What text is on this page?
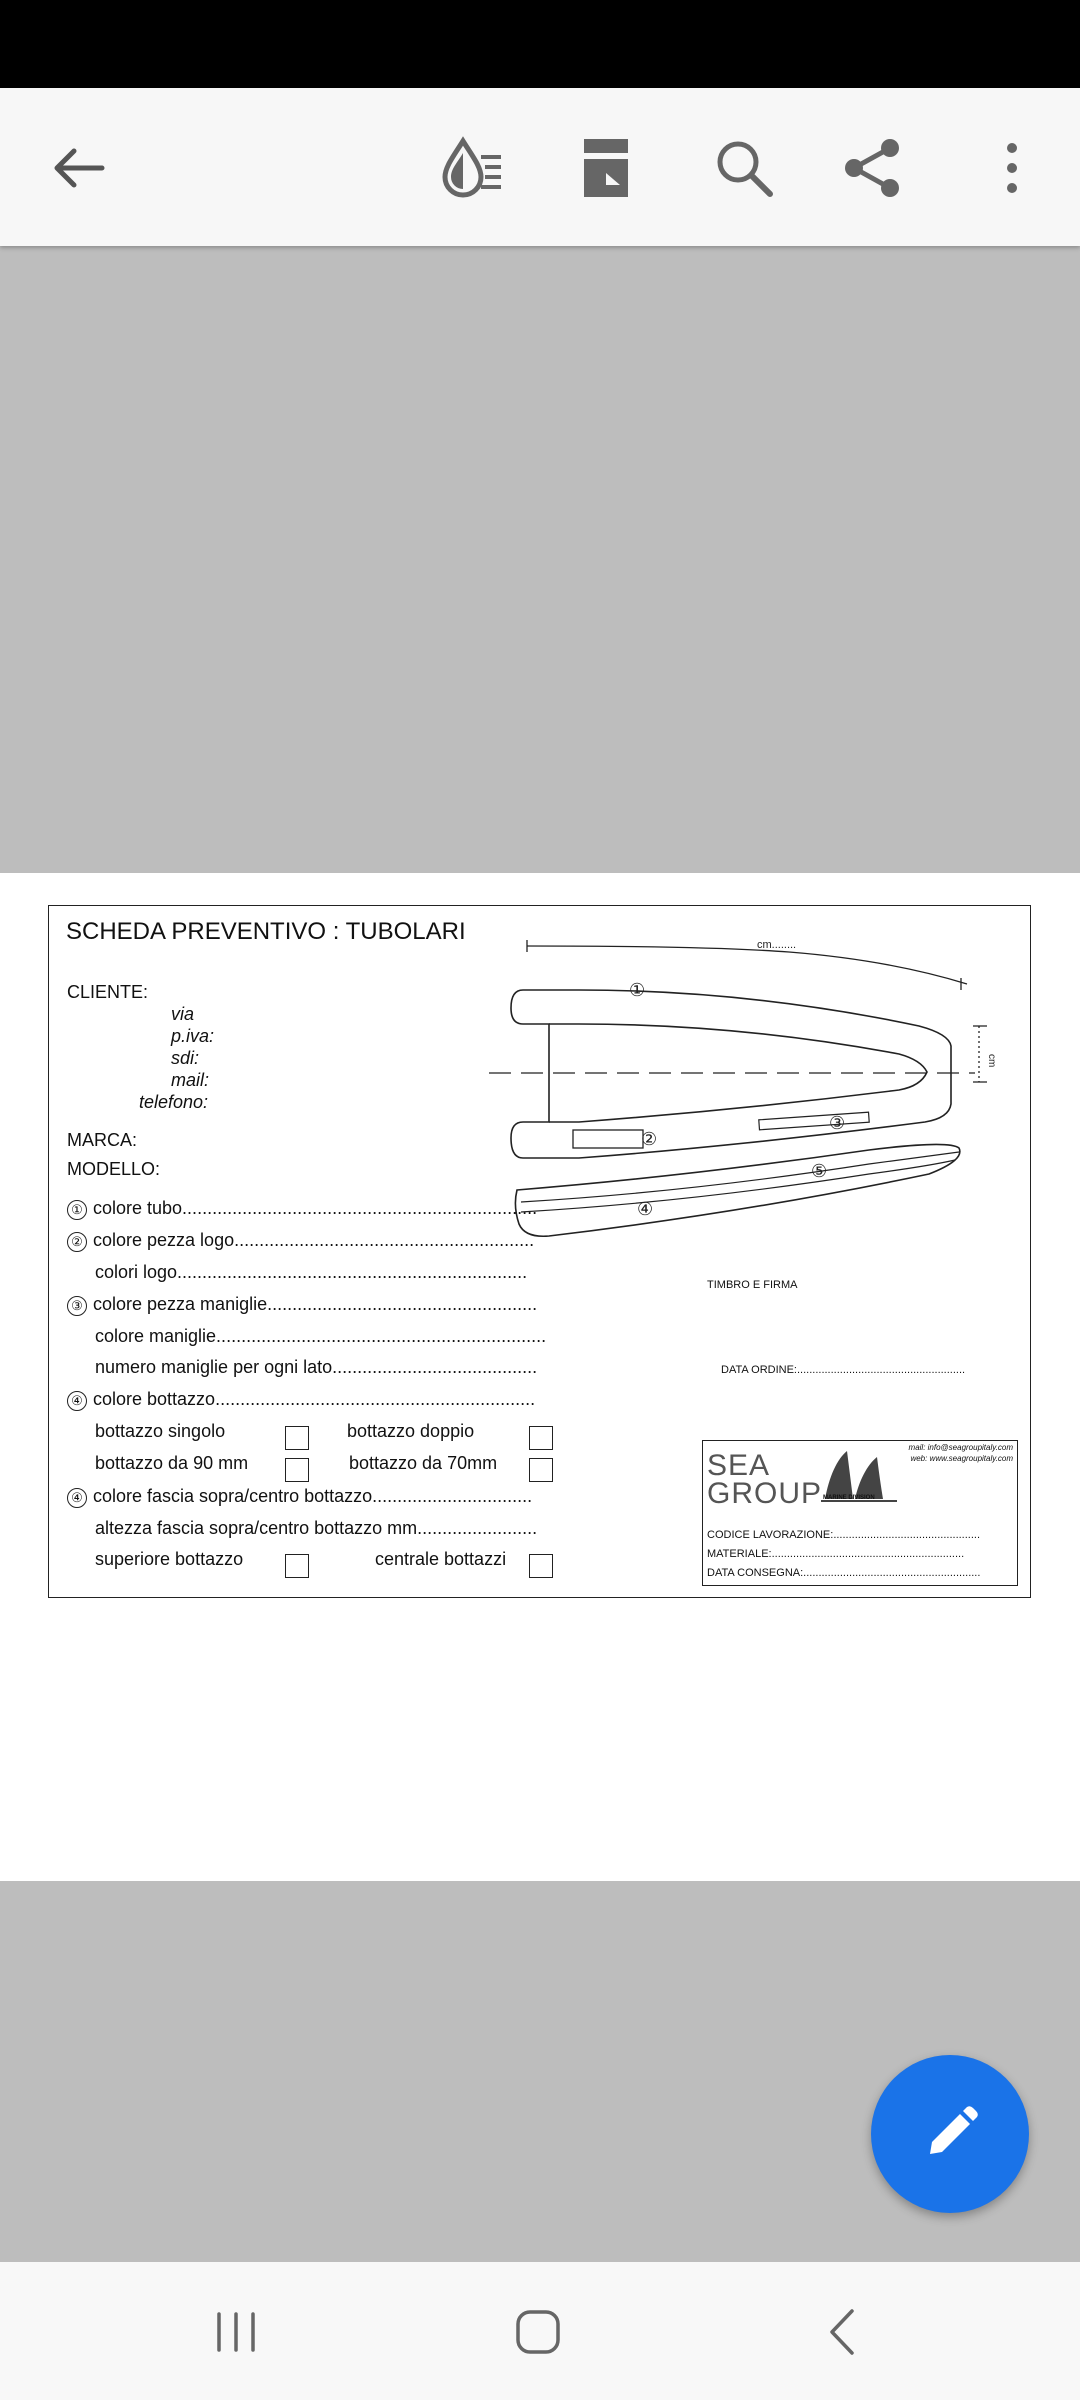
SCHEDA PREVENTIVO : TUBOLARI
CLIENTE:
via
p.iva:
sdi:
mail:
telefono:
MARCA:
MODELLO:
① colore tubo.......................................................................
② colore pezza logo............................................................
colori logo......................................................................
③ colore pezza maniglie......................................................
colore maniglie..................................................................
numero maniglie per ogni lato.........................................
④ colore bottazzo................................................................
bottazzo singolo	bottazzo doppio
bottazzo da 90 mm	bottazzo da 70mm
④ colore fascia sopra/centro bottazzo................................
altezza fascia sopra/centro bottazzo mm........................
superiore bottazzo	centrale bottazzi
cm........
cm
①
②
③
④
⑤
TIMBRO E FIRMA
DATA ORDINE:.......................................................
mail: info@seagroupitaly.com
web: www.seagroupitaly.com
SEA
GROUP MARINE DIVISION
CODICE LAVORAZIONE:................................................
MATERIALE:...............................................................
DATA CONSEGNA:..........................................................
